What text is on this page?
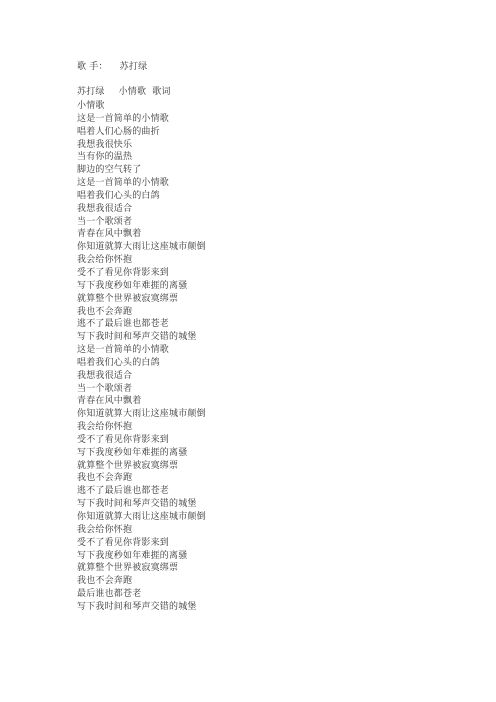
歌 手： 苏打绿
苏打绿 小情歌 歌词
小情歌
这是一首简单的小情歌
唱着人们心肠的曲折
我想我很快乐
当有你的温热
脚边的空气转了
这是一首简单的小情歌
唱着我们心头的白鸽
我想我很适合
当一个歌颂者
青春在风中飘着
你知道就算大雨让这座城市颠倒
我会给你怀抱
受不了看见你背影来到
写下我度秒如年难捱的离骚
就算整个世界被寂寞绑票
我也不会奔跑
逃不了最后谁也都苍老
写下我时间和琴声交错的城堡
这是一首简单的小情歌
唱着我们心头的白鸽
我想我很适合
当一个歌颂者
青春在风中飘着
你知道就算大雨让这座城市颠倒
我会给你怀抱
受不了看见你背影来到
写下我度秒如年难捱的离骚
就算整个世界被寂寞绑票
我也不会奔跑
逃不了最后谁也都苍老
写下我时间和琴声交错的城堡
你知道就算大雨让这座城市颠倒
我会给你怀抱
受不了看见你背影来到
写下我度秒如年难捱的离骚
就算整个世界被寂寞绑票
我也不会奔跑
最后谁也都苍老
写下我时间和琴声交错的城堡
